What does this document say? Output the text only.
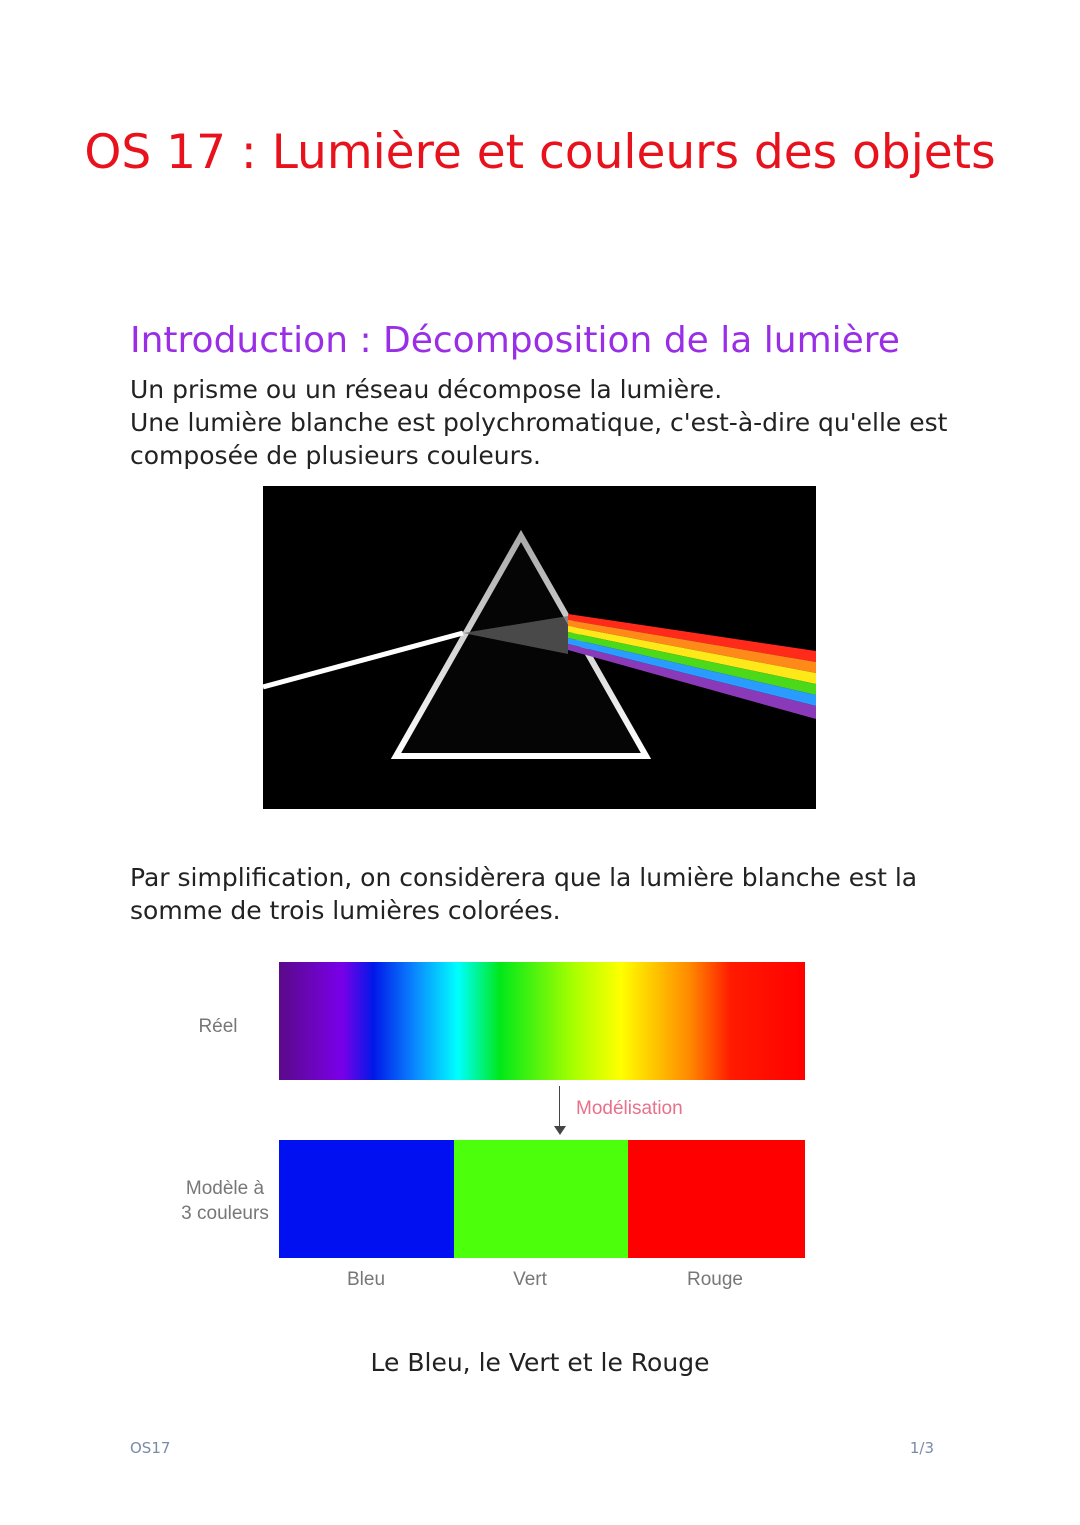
OS 17 : Lumière et couleurs des objets
Introduction : Décomposition de la lumière
Un prisme ou un réseau décompose la lumière.
Une lumière blanche est polychromatique, c'est-à-dire qu'elle est composée de plusieurs couleurs.
Par simplification, on considèrera que la lumière blanche est la somme de trois lumières colorées.
Réel
Modélisation
Modèle à
3 couleurs
Bleu	Vert	Rouge
Le Bleu, le Vert et le Rouge
OS17	1/3
